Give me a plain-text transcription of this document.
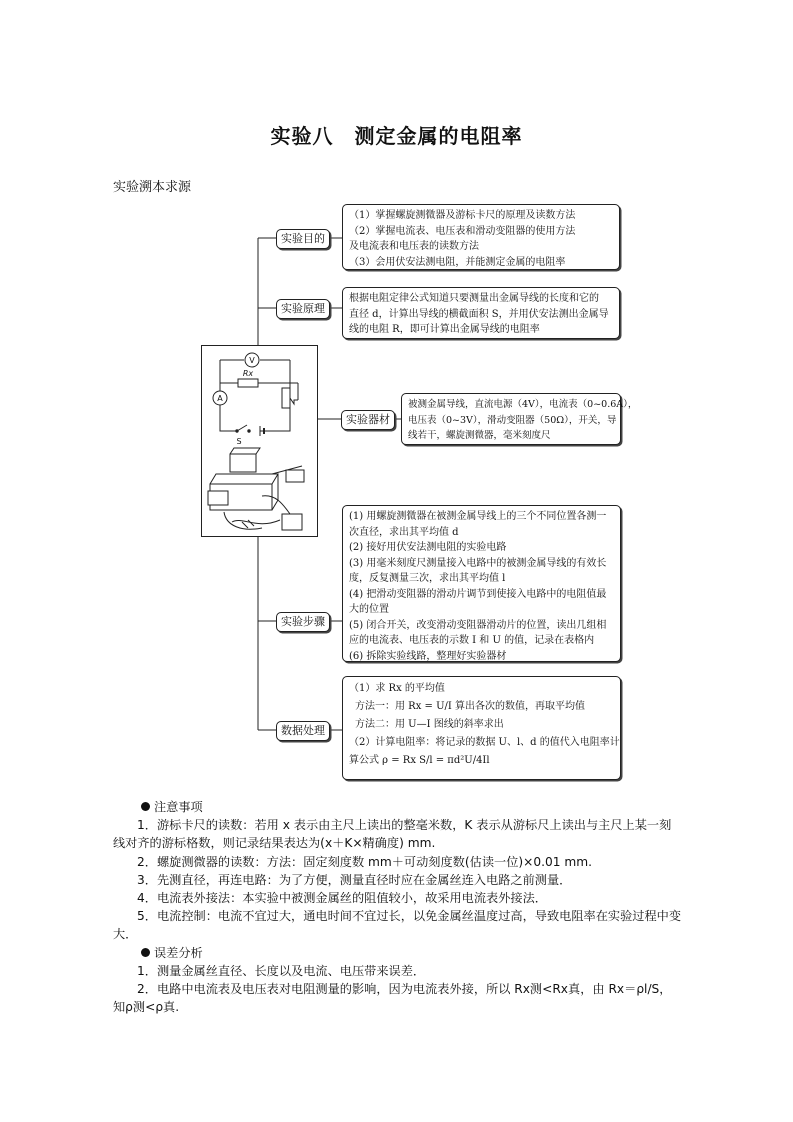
实验八　测定金属的电阻率
实验溯本求源
实验目的
实验原理
实验器材
实验步骤
数据处理
（1）掌握螺旋测微器及游标卡尺的原理及读数方法
（2）掌握电流表、电压表和滑动变阻器的使用方法
及电流表和电压表的读数方法
（3）会用伏安法测电阻，并能测定金属的电阻率
根据电阻定律公式知道只要测量出金属导线的长度和它的
直径 d，计算出导线的横截面积 S，并用伏安法测出金属导
线的电阻 R，即可计算出金属导线的电阻率
被测金属导线，直流电源（4V），电流表（0~0.6A），
电压表（0~3V），滑动变阻器（50Ω），开关，导
线若干，螺旋测微器，毫米刻度尺
(1) 用螺旋测微器在被测金属导线上的三个不同位置各测一
次直径，求出其平均值 d
(2) 接好用伏安法测电阻的实验电路
(3) 用毫米刻度尺测量接入电路中的被测金属导线的有效长
度，反复测量三次，求出其平均值 l
(4) 把滑动变阻器的滑动片调节到使接入电路中的电阻值最
大的位置
(5) 闭合开关，改变滑动变阻器滑动片的位置，读出几组相
应的电流表、电压表的示数 I 和 U 的值，记录在表格内
(6) 拆除实验线路，整理好实验器材
（1）求 Rx 的平均值
方法一：用 Rx = U/I 算出各次的数值，再取平均值
方法二：用 U—I 图线的斜率求出
（2）计算电阻率：将记录的数据 U、l、d 的值代入电阻率计
算公式 ρ = Rx S/l = πd²U/4Il
V
A
Rx
S
注意事项
1．游标卡尺的读数：若用 x 表示由主尺上读出的整毫米数，K 表示从游标尺上读出与主尺上某一刻线对齐的游标格数，则记录结果表达为(x＋K×精确度) mm.
2．螺旋测微器的读数：方法：固定刻度数 mm＋可动刻度数(估读一位)×0.01 mm.
3．先测直径，再连电路：为了方便，测量直径时应在金属丝连入电路之前测量．
4．电流表外接法：本实验中被测金属丝的阻值较小，故采用电流表外接法．
5．电流控制：电流不宜过大，通电时间不宜过长，以免金属丝温度过高，导致电阻率在实验过程中变大．
误差分析
1．测量金属丝直径、长度以及电流、电压带来误差．
2．电路中电流表及电压表对电阻测量的影响，因为电流表外接，所以 Rx测<Rx真，由 Rx＝ρl/S，知ρ测<ρ真.
